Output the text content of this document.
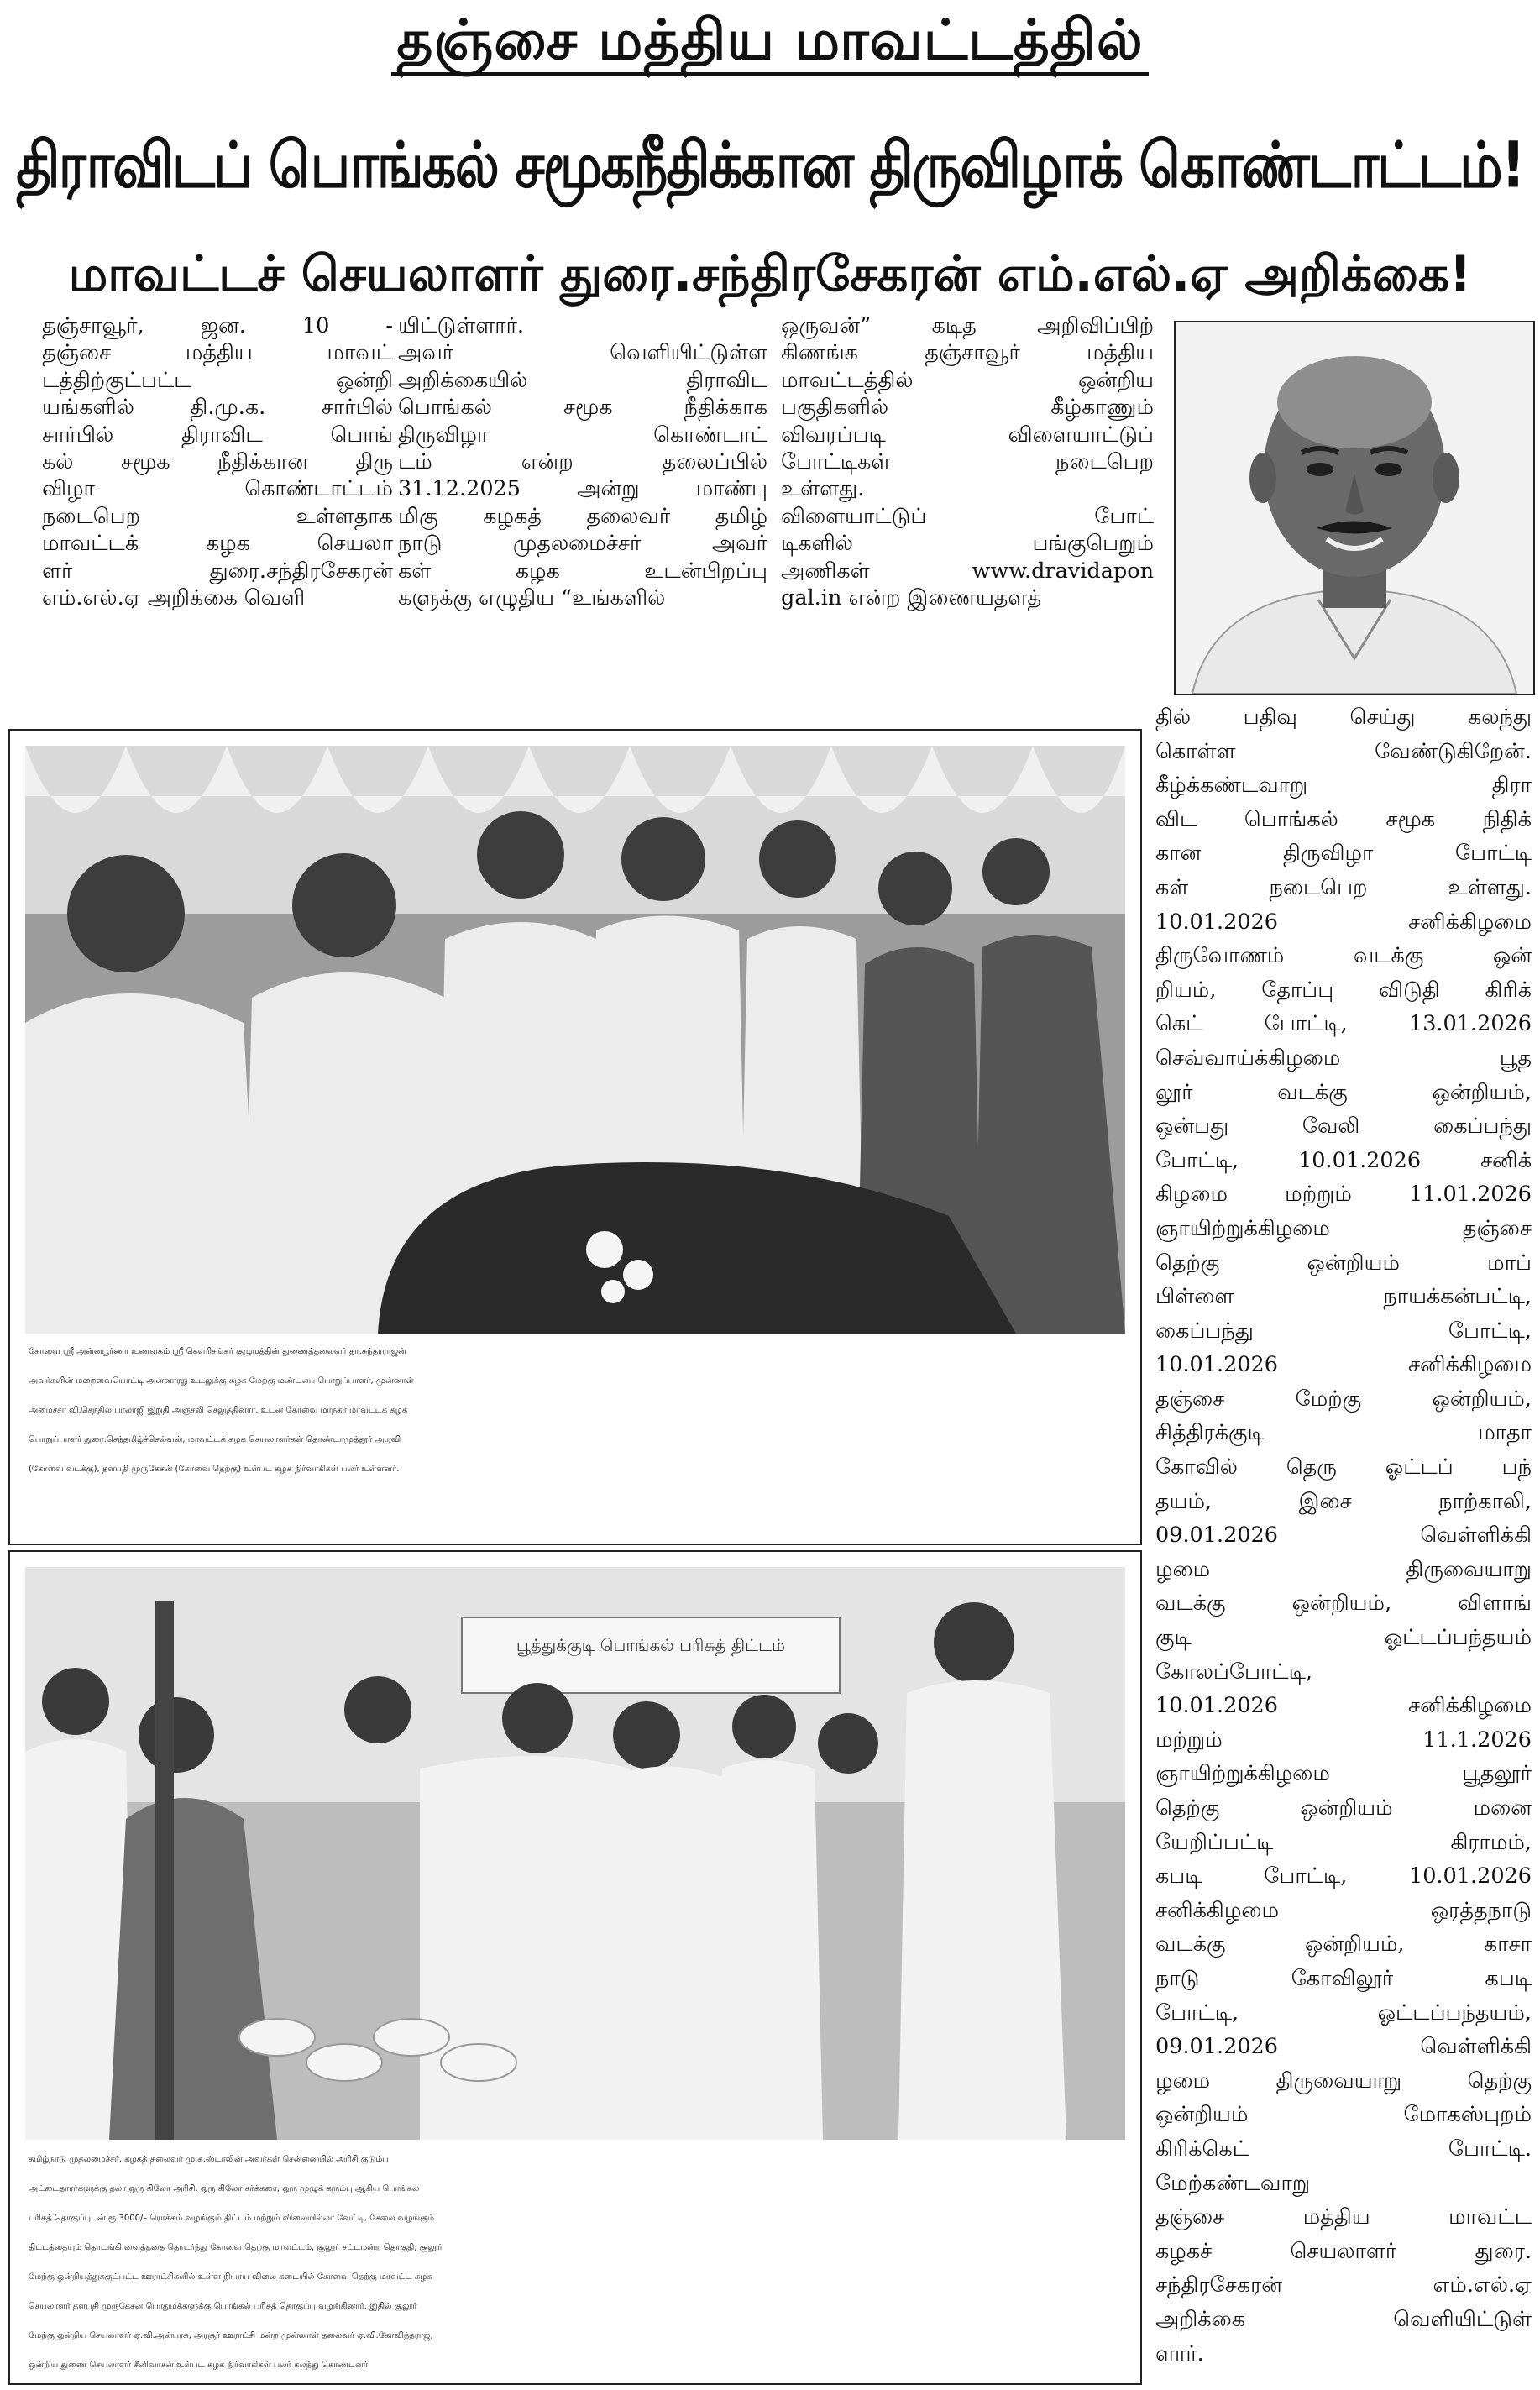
தஞ்சை மத்திய மாவட்டத்தில்
திராவிடப் பொங்கல் சமூகநீதிக்கான திருவிழாக் கொண்டாட்டம்!
மாவட்டச் செயலாளர் துரை.சந்திரசேகரன் எம்.எல்.ஏ அறிக்கை!

தஞ்சாவூர், ஜன. 10 -
தஞ்சை மத்திய மாவட்
டத்திற்குட்பட்ட ஒன்றி
யங்களில் தி.மு.க. சார்பில்
சார்பில் திராவிட பொங்
கல் சமூக நீதிக்கான திரு
விழா கொண்டாட்டம்
நடைபெற உள்ளதாக
மாவட்டக் கழக செயலா
ளர் துரை.சந்திரசேகரன்
எம்.எல்.ஏ அறிக்கை வெளி

யிட்டுள்ளார்.
அவர் வெளியிட்டுள்ள
அறிக்கையில் திராவிட
பொங்கல் சமூக நீதிக்காக
திருவிழா கொண்டாட்
டம் என்ற தலைப்பில்
31.12.2025 அன்று மாண்பு
மிகு கழகத் தலைவர் தமிழ்
நாடு முதலமைச்சர் அவர்
கள் கழக உடன்பிறப்பு
களுக்கு எழுதிய “உங்களில்

ஒருவன்” கடித அறிவிப்பிற்
கிணங்க தஞ்சாவூர் மத்திய
மாவட்டத்தில் ஒன்றிய
பகுதிகளில் கீழ்காணும்
விவரப்படி விளையாட்டுப்
போட்டிகள் நடைபெற
உள்ளது.
விளையாட்டுப் போட்
டிகளில் பங்குபெறும்
அணிகள் www.dravidapon
gal.in என்ற இணையதளத்

கோவை ஸ்ரீ அன்னபூர்ணா உணவகம் ஸ்ரீ கௌரிசங்கர் குழுமத்தின் துணைத்தலைவர் தா.சுந்தரராஜன்
அவர்களின் மறைவையொட்டி அன்னாரது உடலுக்கு கழக மேற்கு மண்டலப் பொறுப்பாளர், முன்னாள்
அமைச்சர் வி.செந்தில் பாலாஜி இறுதி அஞ்சலி செலுத்தினார். உடன் கோவை மாநகர் மாவட்டக் கழக
பொறுப்பாளர் துரை.செந்தமிழ்ச்செல்வன், மாவட்டக் கழக செயலாளர்கள் தொண்டாமுத்தூர் அ.ரவி
(கோவை வடக்கு), தளபதி முருகேசன் (கோவை தெற்கு) உள்பட கழக நிர்வாகிகள் பலர் உள்ளனர்.
பூத்துக்குடி பொங்கல் பரிசுத் திட்டம்
தமிழ்நாடு முதலமைச்சர், கழகத் தலைவர் மு.க.ஸ்டாலின் அவர்கள் சென்னையில் அரிசி குடும்ப
அட்டைதாரர்களுக்கு தலா ஒரு கிலோ அரிசி, ஒரு கிலோ சர்க்கரை, ஒரு முழுக் கரும்பு ஆகிய பொங்கல்
பரிசுத் தொகுப்புடன் ரூ.3000/– ரொக்கம் வழங்கும் திட்டம் மற்றும் விலையில்லா வேட்டி, சேலை வழங்கும்
திட்டத்தையும் தொடங்கி வைத்ததை தொடர்ந்து கோவை தெற்கு மாவட்டம், சூலூர் சட்டமன்ற தொகுதி, சூலூர்
மேற்கு ஒன்றியத்துக்குட்பட்ட ஊராட்சிகளில் உள்ள நியாய விலை கடையில் கோவை தெற்கு மாவட்ட கழக
செயலாளர் தளபதி முருகேசன் பொதுமக்களுக்கு பொங்கல் பரிசுத் தொகுப்பு வழங்கினார். இதில் சூலூர்
மேற்கு ஒன்றிய செயலாளர் ஏ.வி.அன்பரசு, அரசூர் ஊராட்சி மன்ற முன்னாள் தலைவர் ஏ.வி.கோவிந்தராஜ்,
ஒன்றிய துணை செயலாளர் சீனிவாசன் உள்பட கழக நிர்வாகிகள் பலர் கலந்து கொண்டனர்.

தில் பதிவு செய்து கலந்து
கொள்ள வேண்டுகிறேன்.
கீழ்க்கண்டவாறு திரா
விட பொங்கல் சமூக நிதிக்
கான திருவிழா போட்டி
கள் நடைபெற உள்ளது.
10.01.2026 சனிக்கிழமை
திருவோணம் வடக்கு ஒன்
றியம், தோப்பு விடுதி கிரிக்
கெட் போட்டி, 13.01.2026
செவ்வாய்க்கிழமை பூத
லூர் வடக்கு ஒன்றியம்,
ஒன்பது வேலி கைப்பந்து
போட்டி, 10.01.2026 சனிக்
கிழமை மற்றும் 11.01.2026
ஞாயிற்றுக்கிழமை தஞ்சை
தெற்கு ஒன்றியம் மாப்
பிள்ளை நாயக்கன்பட்டி,
கைப்பந்து போட்டி,
10.01.2026 சனிக்கிழமை
தஞ்சை மேற்கு ஒன்றியம்,
சித்திரக்குடி மாதா
கோவில் தெரு ஓட்டப் பந்
தயம், இசை நாற்காலி,
09.01.2026 வெள்ளிக்கி
ழமை திருவையாறு
வடக்கு ஒன்றியம், விளாங்
குடி ஓட்டப்பந்தயம்
கோலப்போட்டி,
10.01.2026 சனிக்கிழமை
மற்றும் 11.1.2026
ஞாயிற்றுக்கிழமை பூதலூர்
தெற்கு ஒன்றியம் மனை
யேறிப்பட்டி கிராமம்,
கபடி போட்டி, 10.01.2026
சனிக்கிழமை ஒரத்தநாடு
வடக்கு ஒன்றியம், காசா
நாடு கோவிலூர் கபடி
போட்டி, ஓட்டப்பந்தயம்,
09.01.2026 வெள்ளிக்கி
ழமை திருவையாறு தெற்கு
ஒன்றியம் மோகஸ்புறம்
கிரிக்கெட் போட்டி.
மேற்கண்டவாறு
தஞ்சை மத்திய மாவட்ட
கழகச் செயலாளர் துரை.
சந்திரசேகரன் எம்.எல்.ஏ
அறிக்கை வெளியிட்டுள்
ளார்.
